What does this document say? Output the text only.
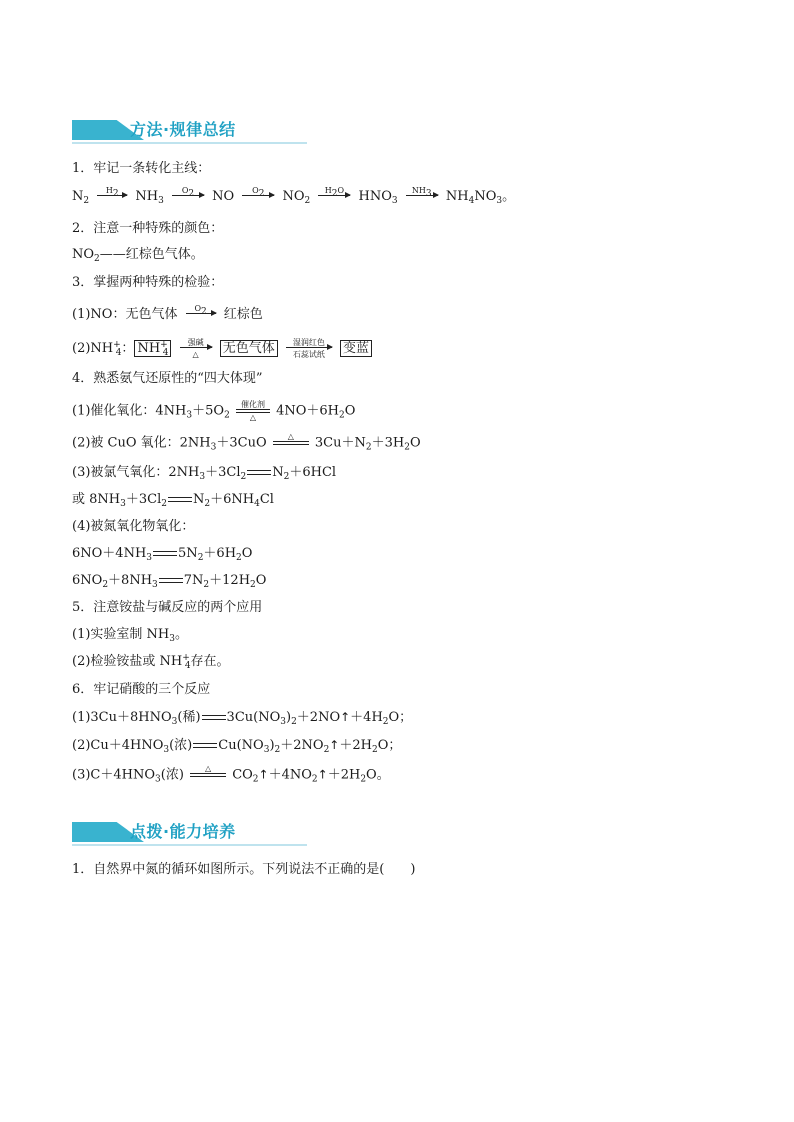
方法·规律总结
1．牢记一条转化主线：
$N_2$
$H_2$	$NH_3$
$O_2$	NO	$O_2$	$NO_2$
$H_2O$	$HNO_3$
$NH_3$	$NH_4NO_3$。
2．注意一种特殊的颜色：
$NO_2——$红棕色气体。
3．掌握两种特殊的检验：
(1)NO：无色气体	$O_2$	红棕色
$(2)NH^+_4$： $NH^+_4$
强碱
△	无色气体	湿润红色
石蕊试纸	变蓝
4．熟悉氨气还原性的“四大体现”
(1)催化氧化：$4NH_3+5O_2$
催化剂
△	$4NO+6H_2O$
(2)被 CuO 氧化：$2NH_3+3CuO$	△	$3Cu+N_2+3H_2O$
(3)被氯气氧化：$2NH_3+3Cl_2$ $N_2+6HCl$
或 $8NH_3+3Cl_2$ $N_2+6NH_4Cl$
(4)被氮氧化物氧化：
$6NO+4NH_3$ $5N_2+6H_2O$
$6NO_2+8NH_3$ $7N_2+12H_2O$
5．注意铵盐与碱反应的两个应用
(1)实验室制 $NH_3$。
(2)检验铵盐或 $NH^+_4$存在。
6．牢记硝酸的三个反应
$(1)3Cu+8HNO_3$(稀) $3Cu(NO_3)_2+2NO↑+4H_2O$；
$(2)Cu+4HNO_3$(浓) $Cu(NO_3)_2+2NO_2↑+2H_2O$；
$(3)C+4HNO_3$(浓)	△	$CO_2↑+4NO_2↑+2H_2O$。
点拨·能力培养
1．自然界中氮的循环如图所示。下列说法不正确的是(　　)
